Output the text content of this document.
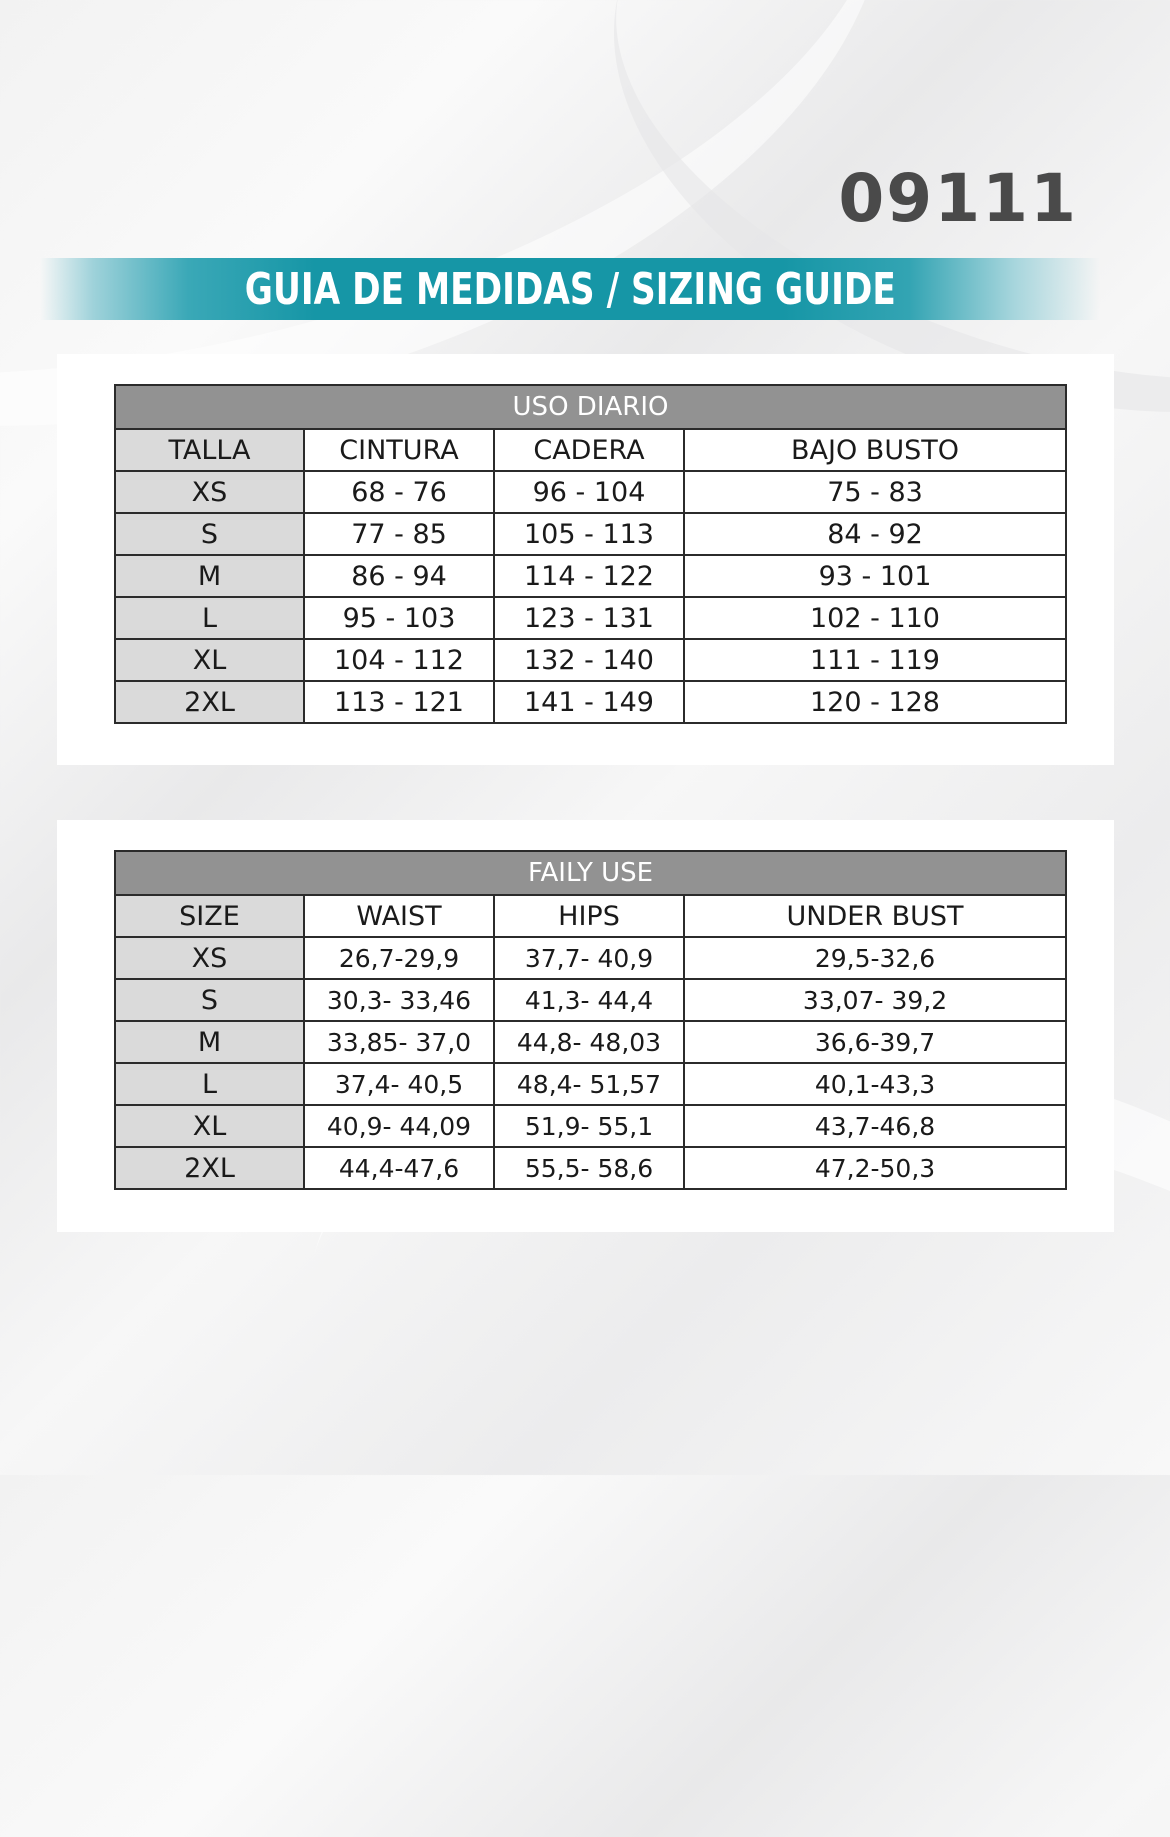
09111
GUIA DE MEDIDAS / SIZING GUIDE
USO DIARIO			
TALLA	CINTURA	CADERA	BAJO BUSTO
XS	68 - 76	96 - 104	75 - 83
S	77 - 85	105 - 113	84 - 92
M	86 - 94	114 - 122	93 - 101
L	95 - 103	123 - 131	102 - 110
XL	104 - 112	132 - 140	111 - 119
2XL	113 - 121	141 - 149	120 - 128
FAILY USE			
SIZE	WAIST	HIPS	UNDER BUST
XS	26,7-29,9	37,7- 40,9	29,5-32,6
S	30,3- 33,46	41,3- 44,4	33,07- 39,2
M	33,85- 37,0	44,8- 48,03	36,6-39,7
L	37,4- 40,5	48,4- 51,57	40,1-43,3
XL	40,9- 44,09	51,9- 55,1	43,7-46,8
2XL	44,4-47,6	55,5- 58,6	47,2-50,3
